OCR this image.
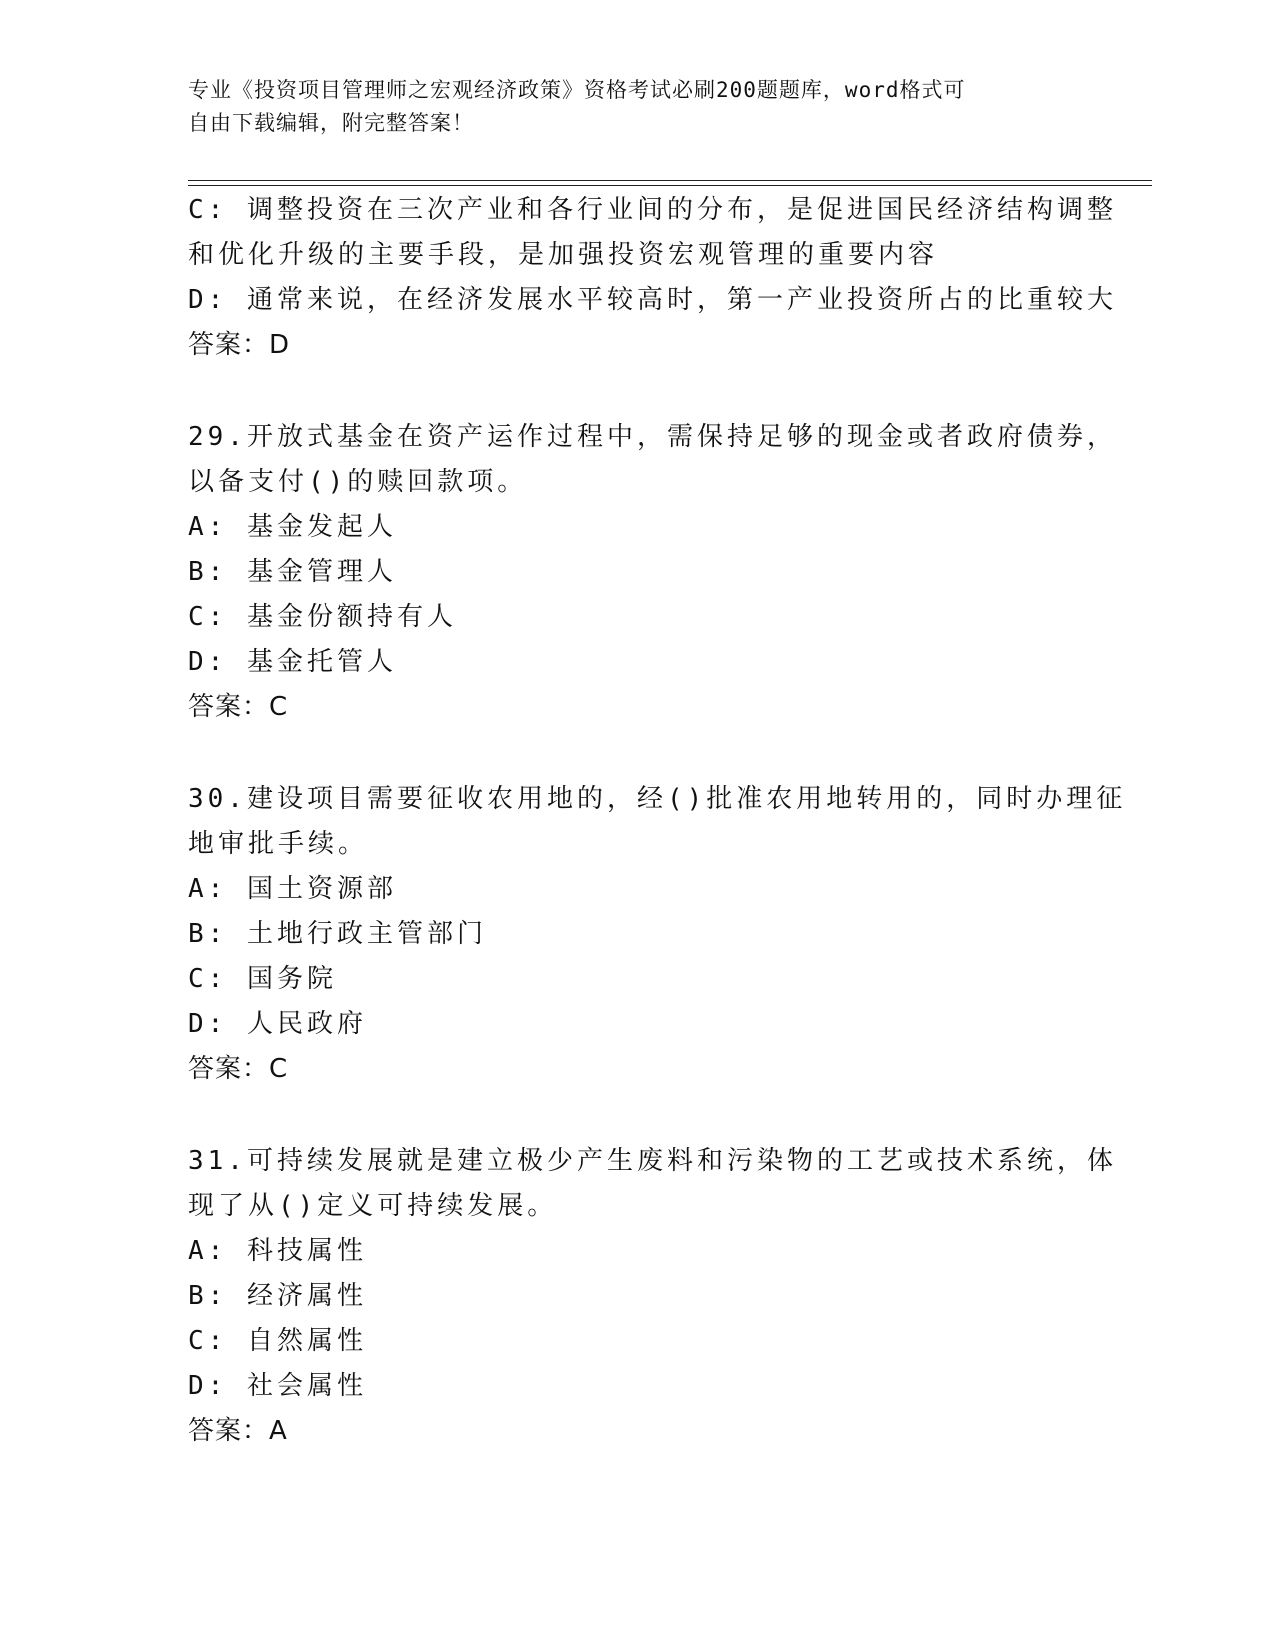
专业《投资项目管理师之宏观经济政策》资格考试必刷200题题库，word格式可
自由下载编辑，附完整答案！
C: 调整投资在三次产业和各行业间的分布，是促进国民经济结构调整
和优化升级的主要手段，是加强投资宏观管理的重要内容
D: 通常来说，在经济发展水平较高时，第一产业投资所占的比重较大
答案：D
29.开放式基金在资产运作过程中，需保持足够的现金或者政府债券，
以备支付()的赎回款项。
A: 基金发起人
B: 基金管理人
C: 基金份额持有人
D: 基金托管人
答案：C
30.建设项目需要征收农用地的，经()批准农用地转用的，同时办理征
地审批手续。
A: 国土资源部
B: 土地行政主管部门
C: 国务院
D: 人民政府
答案：C
31.可持续发展就是建立极少产生废料和污染物的工艺或技术系统，体
现了从()定义可持续发展。
A: 科技属性
B: 经济属性
C: 自然属性
D: 社会属性
答案：A
